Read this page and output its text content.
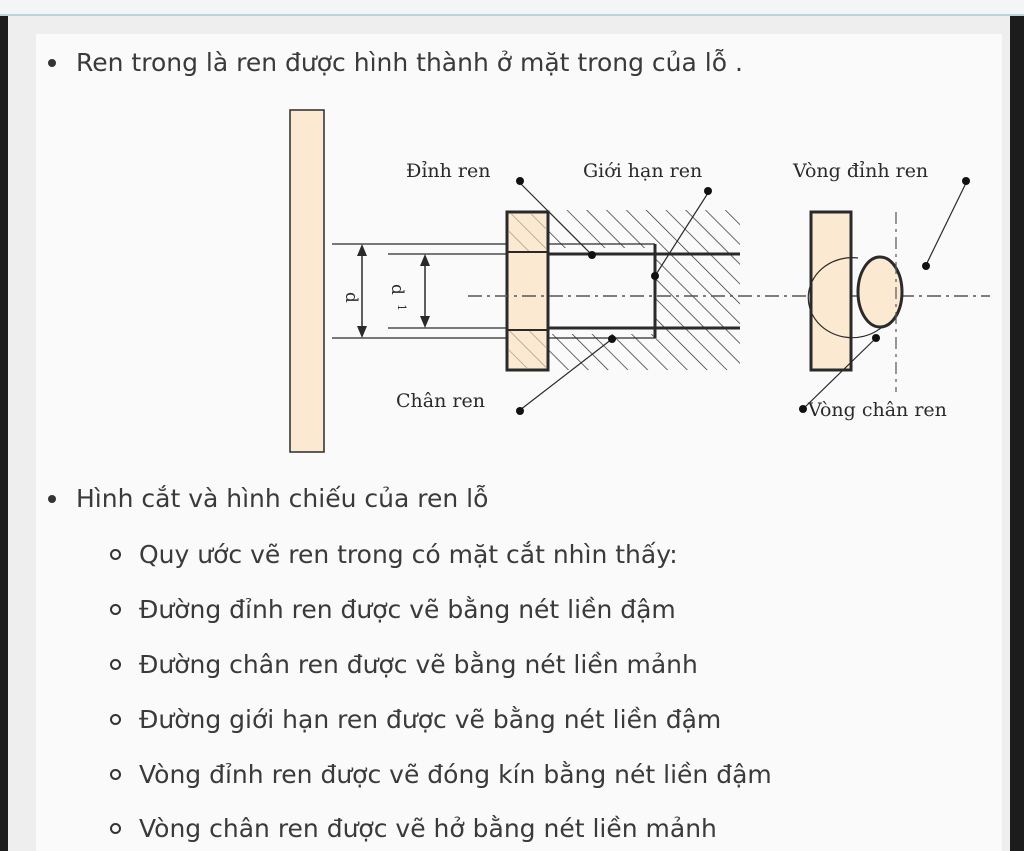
Ren trong là ren được hình thành ở mặt trong của lỗ .
d
d
1
Đỉnh ren	Giới hạn ren	Vòng đỉnh ren
Chân ren	Vòng chân ren
Hình cắt và hình chiếu của ren lỗ
Quy ước vẽ ren trong có mặt cắt nhìn thấy:
Đường đỉnh ren được vẽ bằng nét liền đậm
Đường chân ren được vẽ bằng nét liền mảnh
Đường giới hạn ren được vẽ bằng nét liền đậm
Vòng đỉnh ren được vẽ đóng kín bằng nét liền đậm
Vòng chân ren được vẽ hở bằng nét liền mảnh
